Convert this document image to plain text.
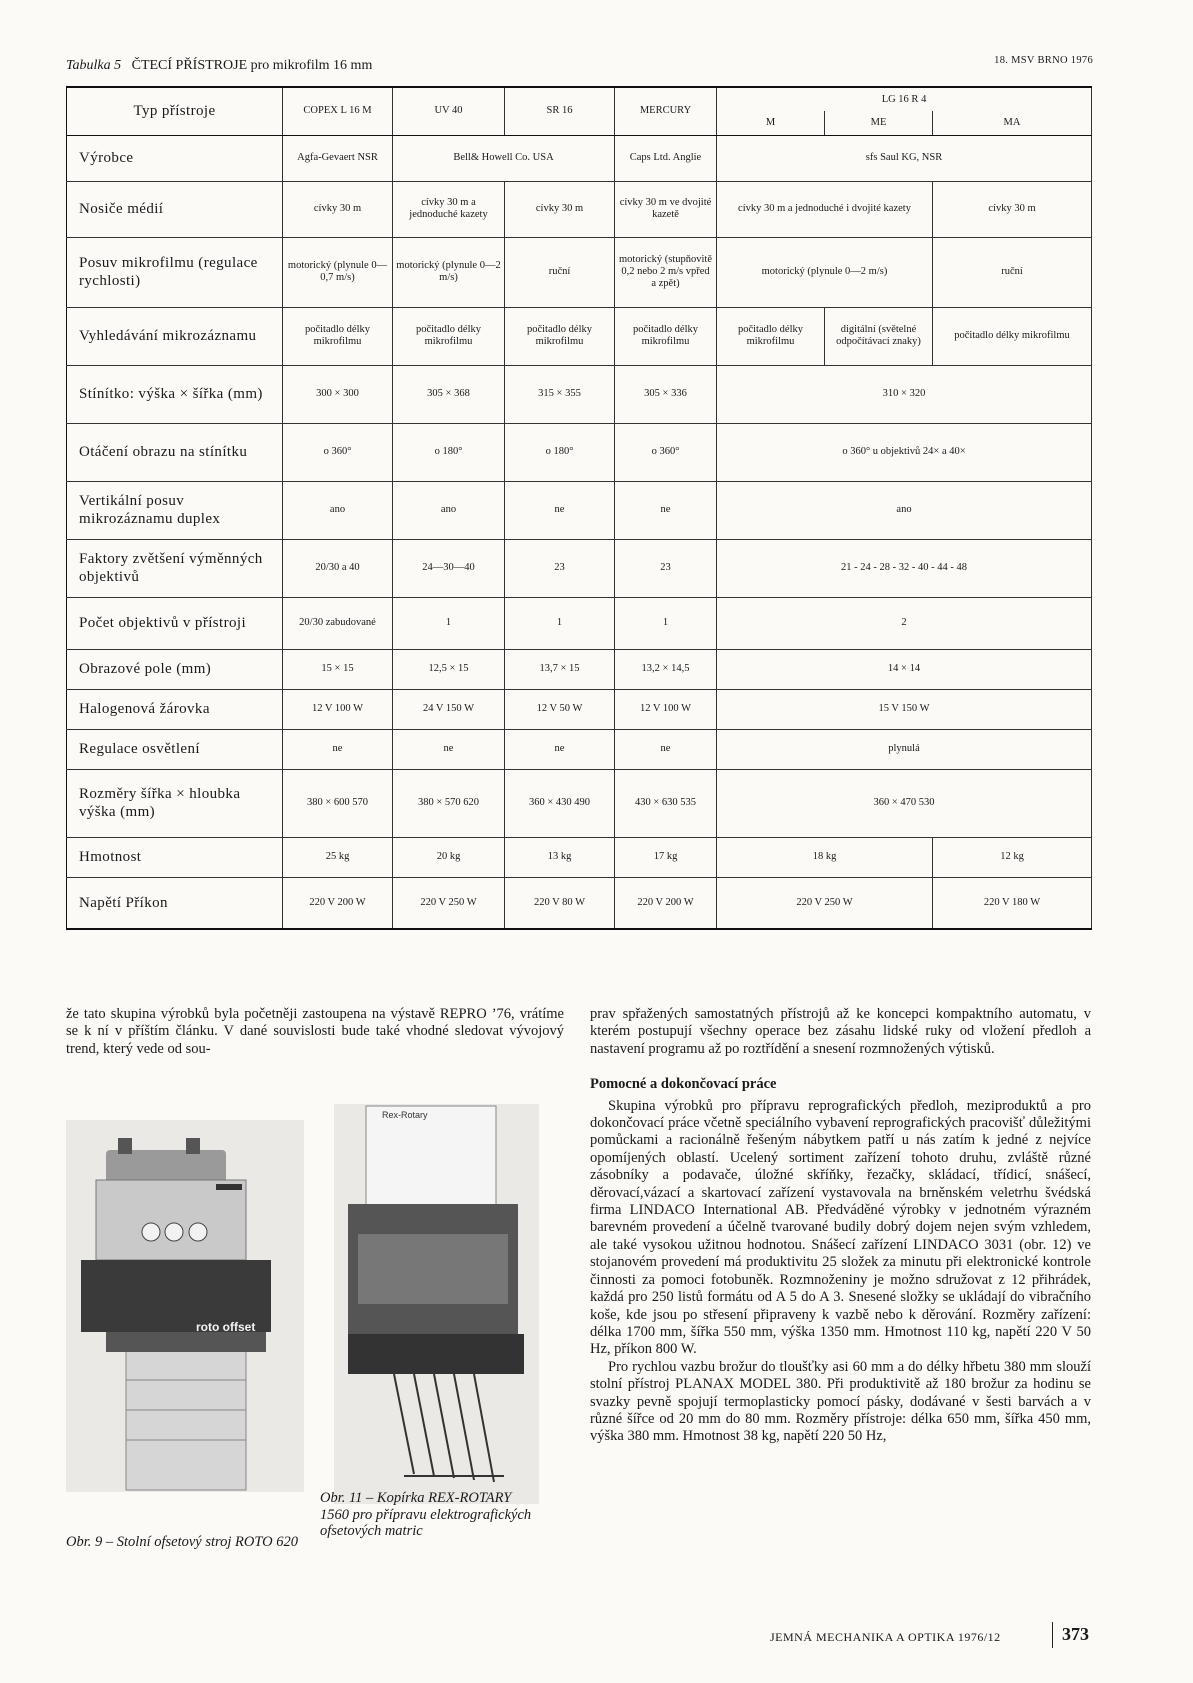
Tabulka 5 ČTECÍ PŘÍSTROJE pro mikrofilm 16 mm	18. MSV BRNO 1976
Typ přístroje	COPEX L 16 M	UV 40	SR 16	MERCURY	LG 16 R 4		
					M	ME	MA
Výrobce	Agfa-Gevaert NSR	Bell& Howell Co. USA		Caps Ltd. Anglie	sfs Saul KG, NSR		
Nosiče médií	cívky 30 m	cívky 30 m a jednoduché kazety	cívky 30 m	cívky 30 m ve dvojité kazetě	cívky 30 m a jednoduché i dvojité kazety		cívky 30 m
Posuv mikrofilmu (regulace rychlosti)	motorický (plynule 0—0,7 m/s)	motorický (plynule 0—2 m/s)	ruční	motorický (stupňovitě 0,2 nebo 2 m/s vpřed a zpět)	motorický (plynule 0—2 m/s)		ruční
Vyhledávání mikrozáznamu	počitadlo délky mikrofilmu	počitadlo délky mikrofilmu	počitadlo délky mikrofilmu	počitadlo délky mikrofilmu	počitadlo délky mikrofilmu	digitální (světelné odpočítávací znaky)	počitadlo délky mikrofilmu
Stínítko: výška × šířka (mm)	300 × 300	305 × 368	315 × 355	305 × 336	310 × 320		
Otáčení obrazu na stínítku	o 360°	o 180°	o 180°	o 360°	o 360° u objektivů 24× a 40×		
Vertikální posuv mikrozáznamu duplex	ano	ano	ne	ne	ano		
Faktory zvětšení výměnných objektivů	20/30 a 40	24—30—40	23	23	21 - 24 - 28 - 32 - 40 - 44 - 48		
Počet objektivů v přístroji	20/30 zabudované	1	1	1	2		
Obrazové pole (mm)	15 × 15	12,5 × 15	13,7 × 15	13,2 × 14,5	14 × 14		
Halogenová žárovka	12 V 100 W	24 V 150 W	12 V 50 W	12 V 100 W	15 V 150 W		
Regulace osvětlení	ne	ne	ne	ne	plynulá		
Rozměry šířka × hloubka výška (mm)	380 × 600 570	380 × 570 620	360 × 430 490	430 × 630 535	360 × 470 530		
Hmotnost	25 kg	20 kg	13 kg	17 kg	18 kg		12 kg
Napětí Příkon	220 V 200 W	220 V 250 W	220 V 80 W	220 V 200 W	220 V 250 W		220 V 180 W

že tato skupina výrobků byla početněji zastoupena na výstavě REPRO ’76, vrátíme se k ní v příštím článku. V dané souvislosti bude také vhodné sledovat vývojový trend, který vede od sou-

prav spřažených samostatných přístrojů až ke koncepci kompaktního automatu, v kterém postupují všechny operace bez zásahu lidské ruky od vložení předloh a nastavení programu až po roztřídění a snesení rozmnožených výtisků.

Pomocné a dokončovací práce

Skupina výrobků pro přípravu reprografických předloh, meziproduktů a pro dokončovací práce včetně speciálního vybavení reprografických pracovišť důležitými pomůckami a racionálně řešeným nábytkem patří u nás zatím k jedné z nejvíce opomíjených oblastí. Ucelený sortiment zařízení tohoto druhu, zvláště různé zásobníky a podavače, úložné skříňky, řezačky, skládací, třídicí, snášecí, děrovací,vázací a skartovací zařízení vystavovala na brněnském veletrhu švédská firma LINDACO International AB. Předváděné výrobky v jednotném výrazném barevném provedení a účelně tvarované budily dobrý dojem nejen svým vzhledem, ale také vysokou užitnou hodnotou. Snášecí zařízení LINDACO 3031 (obr. 12) ve stojanovém provedení má produktivitu 25 složek za minutu při elektronické kontrole činnosti za pomoci fotobuněk. Rozmnoženiny je možno sdružovat z 12 přihrádek, každá pro 250 listů formátu od A 5 do A 3. Snesené složky se ukládají do vibračního koše, kde jsou po střesení připraveny k vazbě nebo k děrování. Rozměry zařízení: délka 1700 mm, šířka 550 mm, výška 1350 mm. Hmotnost 110 kg, napětí 220 V 50 Hz, příkon 800 W.

Pro rychlou vazbu brožur do tloušťky asi 60 mm a do délky hřbetu 380 mm slouží stolní přístroj PLANAX MODEL 380. Při produktivitě až 180 brožur za hodinu se svazky pevně spojují termoplasticky pomocí pásky, dodávané v šesti barvách a v různé šířce od 20 mm do 80 mm. Rozměry přístroje: délka 650 mm, šířka 450 mm, výška 380 mm. Hmotnost 38 kg, napětí 220 50 Hz,

roto offset
Rex-Rotary
Obr. 9 – Stolní ofsetový stroj ROTO 620
Obr. 11 – Kopírka REX-ROTARY 1560 pro přípravu elektrografických ofsetových matric
JEMNÁ MECHANIKA A OPTIKA 1976/12	373
